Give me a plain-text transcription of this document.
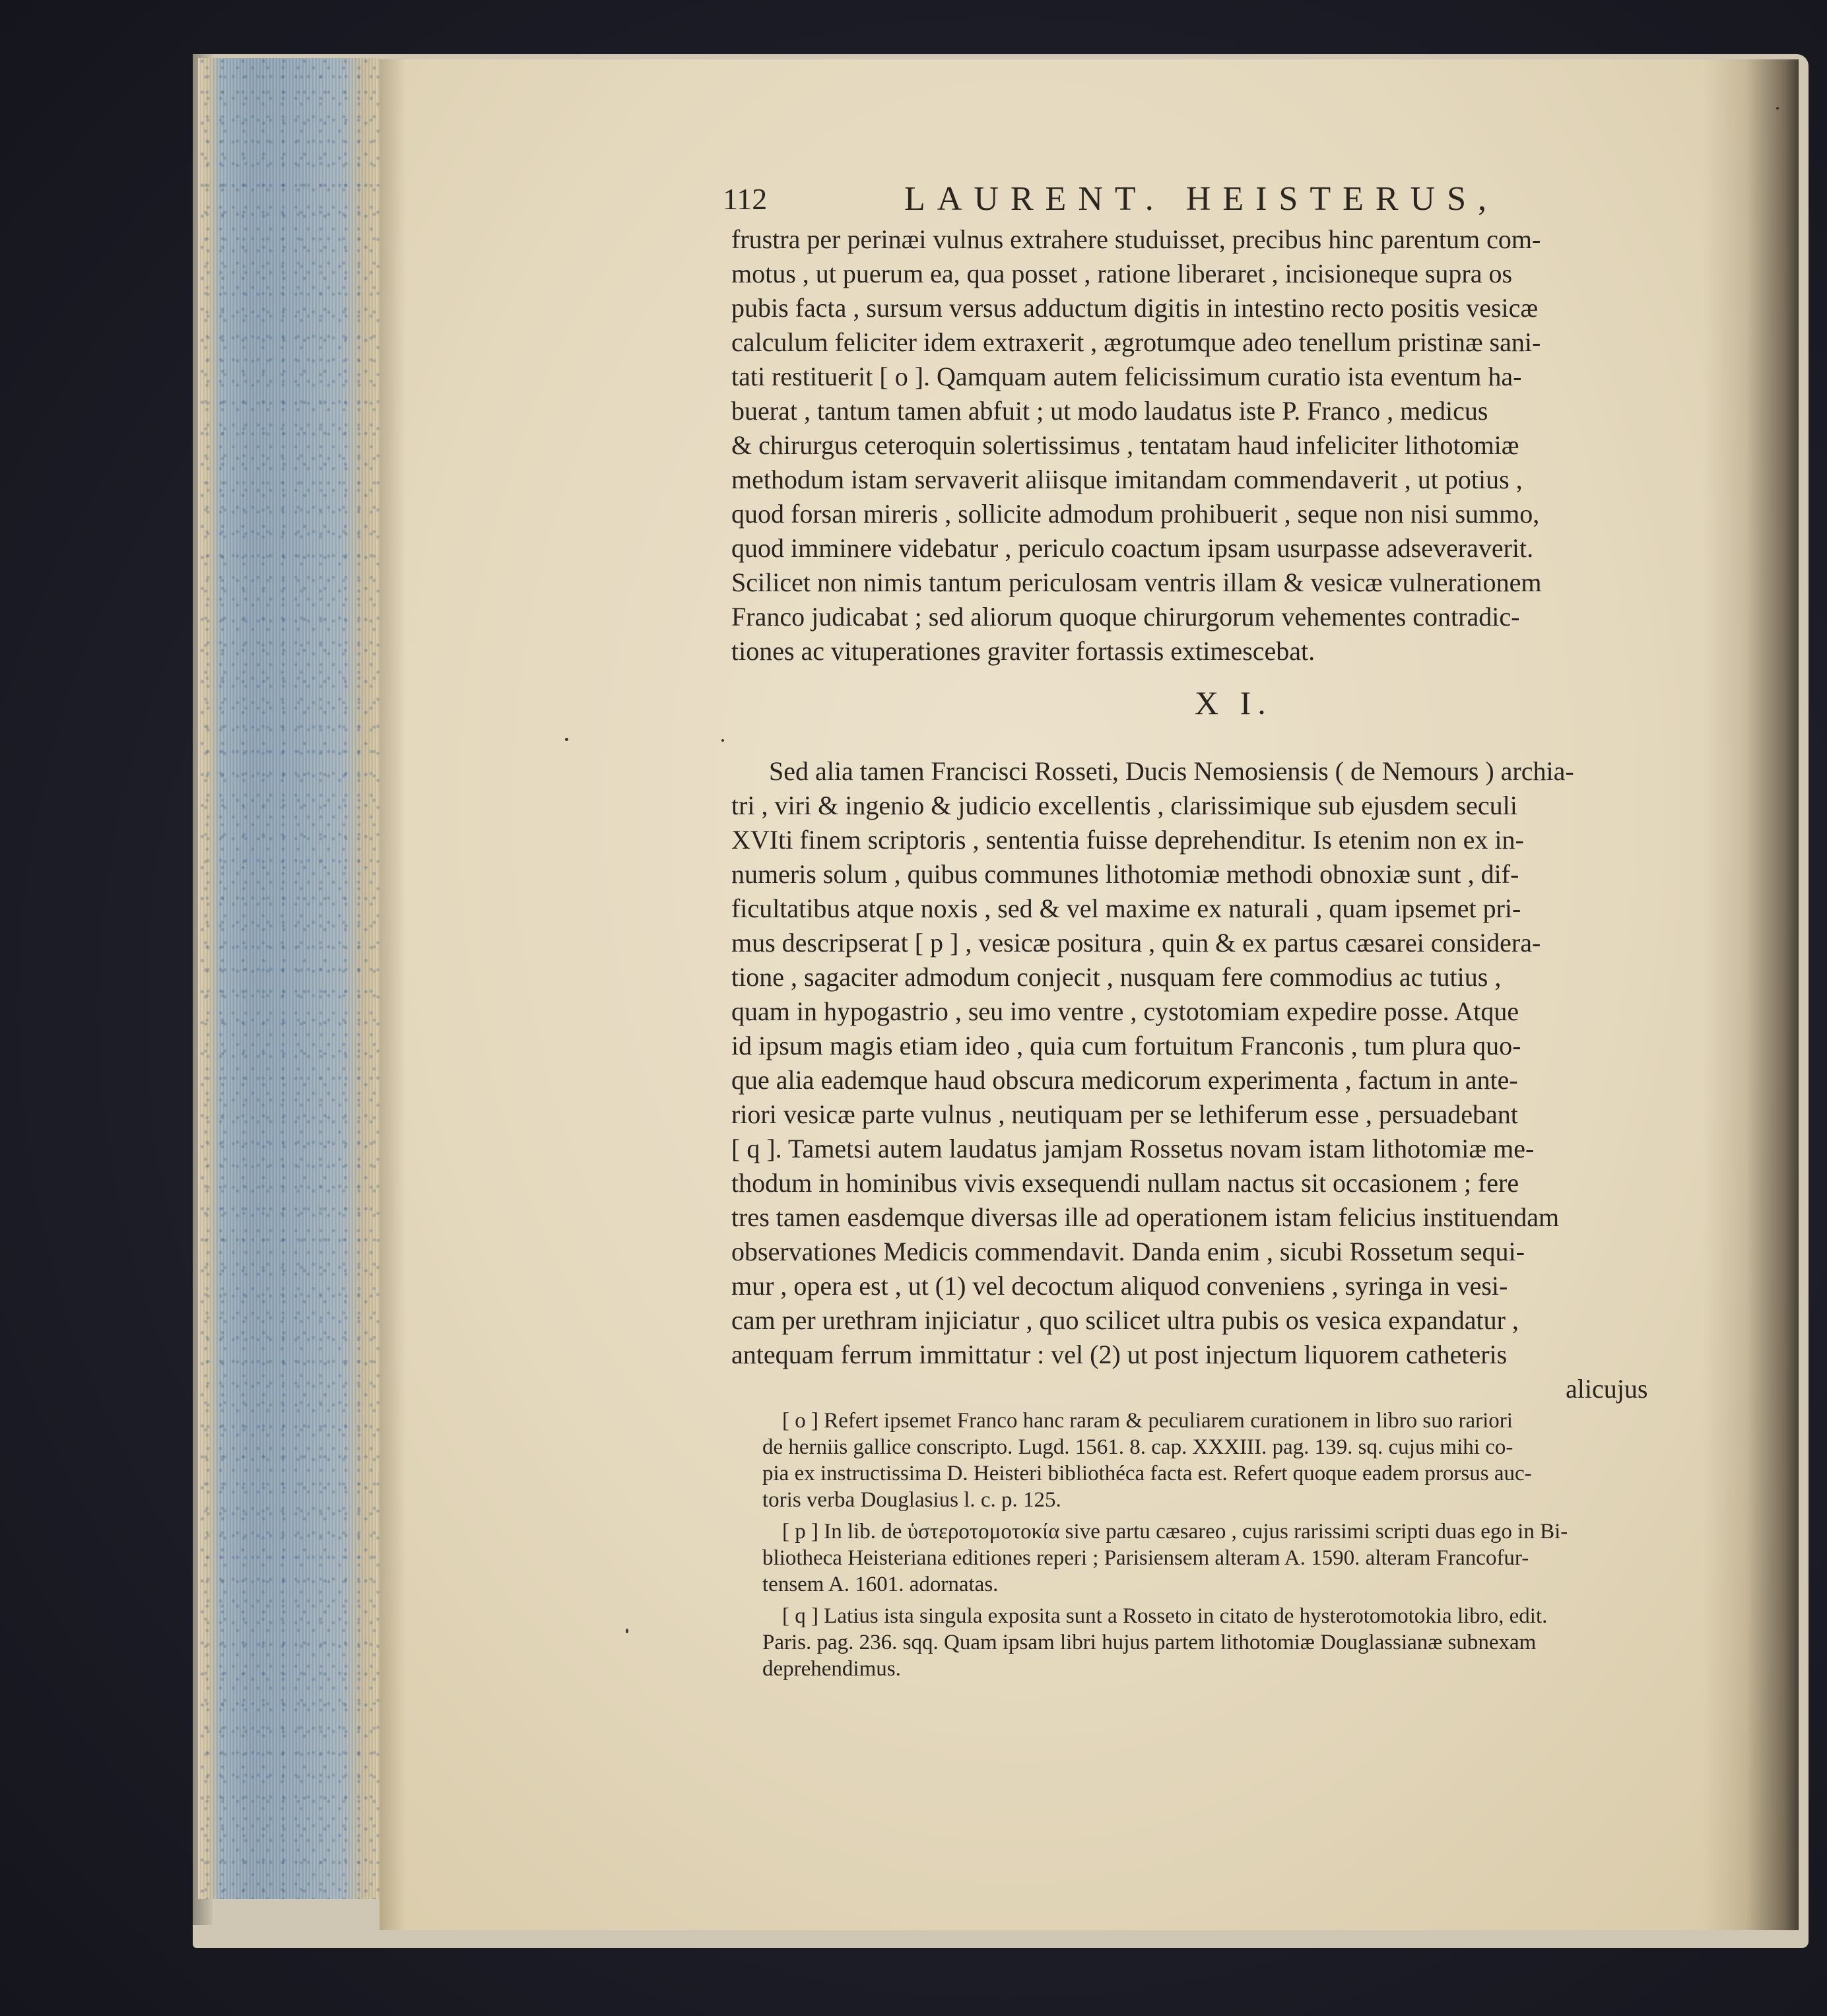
112	LAURENT. HEISTERUS,
frustra per perinæi vulnus extrahere studuisset, precibus hinc parentum com-
motus , ut puerum ea, qua posset , ratione liberaret , incisioneque supra os
pubis facta , sursum versus adductum digitis in intestino recto positis vesicæ
calculum feliciter idem extraxerit , ægrotumque adeo tenellum pristinæ sani-
tati restituerit [ o ]. Qamquam autem felicissimum curatio ista eventum ha-
buerat , tantum tamen abfuit ; ut modo laudatus iste P. Franco , medicus
& chirurgus ceteroquin solertissimus , tentatam haud infeliciter lithotomiæ
methodum istam servaverit aliisque imitandam commendaverit , ut potius ,
quod forsan mireris , sollicite admodum prohibuerit , seque non nisi summo,
quod imminere videbatur , periculo coactum ipsam usurpasse adseveraverit.
Scilicet non nimis tantum periculosam ventris illam & vesicæ vulnerationem
Franco judicabat ; sed aliorum quoque chirurgorum vehementes contradic-
tiones ac vituperationes graviter fortassis extimescebat.
X I.
Sed alia tamen Francisci Rosseti, Ducis Nemosiensis ( de Nemours ) archia-
tri , viri & ingenio & judicio excellentis , clarissimique sub ejusdem seculi
XVIti finem scriptoris , sententia fuisse deprehenditur. Is etenim non ex in-
numeris solum , quibus communes lithotomiæ methodi obnoxiæ sunt , dif-
ficultatibus atque noxis , sed & vel maxime ex naturali , quam ipsemet pri-
mus descripserat [ p ] , vesicæ positura , quin & ex partus cæsarei considera-
tione , sagaciter admodum conjecit , nusquam fere commodius ac tutius ,
quam in hypogastrio , seu imo ventre , cystotomiam expedire posse. Atque
id ipsum magis etiam ideo , quia cum fortuitum Franconis , tum plura quo-
que alia eademque haud obscura medicorum experimenta , factum in ante-
riori vesicæ parte vulnus , neutiquam per se lethiferum esse , persuadebant
[ q ]. Tametsi autem laudatus jamjam Rossetus novam istam lithotomiæ me-
thodum in hominibus vivis exsequendi nullam nactus sit occasionem ; fere
tres tamen easdemque diversas ille ad operationem istam felicius instituendam
observationes Medicis commendavit. Danda enim , sicubi Rossetum sequi-
mur , opera est , ut (1) vel decoctum aliquod conveniens , syringa in vesi-
cam per urethram injiciatur , quo scilicet ultra pubis os vesica expandatur ,
antequam ferrum immittatur : vel (2) ut post injectum liquorem catheteris
alicujus
[ o ] Refert ipsemet Franco hanc raram & peculiarem curationem in libro suo rariori
de herniis gallice conscripto. Lugd. 1561. 8. cap. XXXIII. pag. 139. sq. cujus mihi co-
pia ex instructissima D. Heisteri bibliothéca facta est. Refert quoque eadem prorsus auc-
toris verba Douglasius l. c. p. 125.
[ p ] In lib. de ὑστεροτομοτοκία sive partu cæsareo , cujus rarissimi scripti duas ego in Bi-
bliotheca Heisteriana editiones reperi ; Parisiensem alteram A. 1590. alteram Francofur-
tensem A. 1601. adornatas.
[ q ] Latius ista singula exposita sunt a Rosseto in citato de hysterotomotokia libro, edit.
Paris. pag. 236. sqq. Quam ipsam libri hujus partem lithotomiæ Douglassianæ subnexam
deprehendimus.
